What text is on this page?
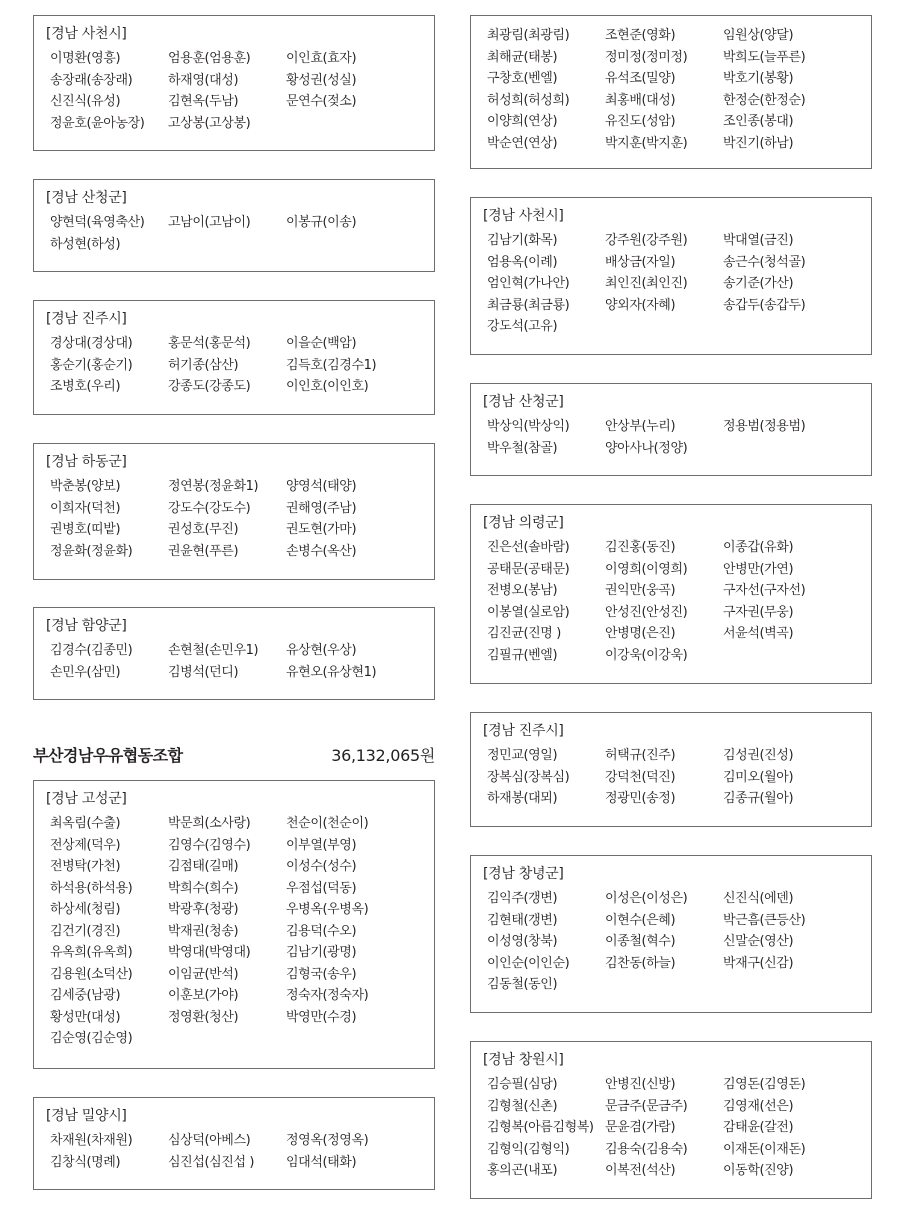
[경남 사천시]
이명환(영흥)	엄용훈(엄용훈)	이인효(효자)
송장래(송장래)	하재영(대성)	황성권(성실)
신진식(유성)	김현옥(두남)	문연수(젖소)
정윤호(윤아농장)	고상봉(고상봉)
[경남 산청군]
양현덕(육영축산)	고남이(고남이)	이봉규(이송)
하성현(하성)
[경남 진주시]
경상대(경상대)	홍문석(홍문석)	이을순(백암)
홍순기(홍순기)	허기종(삼산)	김득호(김경수1)
조병호(우리)	강종도(강종도)	이인호(이인호)
[경남 하동군]
박춘봉(양보)	정연봉(정윤화1)	양영석(태양)
이희자(덕천)	강도수(강도수)	권해영(주남)
권병호(띠밭)	권성호(무진)	권도현(가마)
정윤화(정윤화)	권윤현(푸른)	손병수(옥산)
[경남 함양군]
김경수(김종민)	손현철(손민우1)	유상현(우상)
손민우(삼민)	김병석(던디)	유현오(유상현1)
부산경남우유협동조합	36,132,065원
[경남 고성군]
최옥림(수출)	박문희(소사랑)	천순이(천순이)
전상제(덕우)	김영수(김영수)	이부열(부영)
전병탁(가천)	김점태(길매)	이성수(성수)
하석용(하석용)	박희수(희수)	우점섭(덕동)
하상세(청림)	박광후(청광)	우병옥(우병옥)
김건기(경진)	박재권(청송)	김용덕(수오)
유옥희(유옥희)	박영대(박영대)	김남기(광명)
김용원(소덕산)	이임균(반석)	김형국(송우)
김세중(남광)	이훈보(가야)	정숙자(정숙자)
황성만(대성)	정영환(청산)	박영만(수경)
김순영(김순영)
[경남 밀양시]
차재원(차재원)	심상덕(아베스)	정영옥(정영옥)
김창식(명례)	심진섭(심진섭 )	임대석(태화)
최광림(최광림)	조현준(영화)	임원상(양달)
최해균(태봉)	정미정(정미정)	박희도(늘푸른)
구창호(벤엘)	유석조(밀양)	박호기(봉황)
허성희(허성희)	최홍배(대성)	한정순(한정순)
이양희(연상)	유진도(성암)	조인종(봉대)
박순연(연상)	박지훈(박지훈)	박진기(하남)
[경남 사천시]
김남기(화목)	강주원(강주원)	박대열(금진)
엄용옥(이례)	배상금(자일)	송근수(청석골)
엄인혁(가나안)	최인진(최인진)	송기준(가산)
최금룡(최금룡)	양외자(자혜)	송갑두(송갑두)
강도석(고유)
[경남 산청군]
박상익(박상익)	안상부(누리)	정용범(정용범)
박우철(참골)	양아사나(정양)
[경남 의령군]
진은선(솔바람)	김진홍(동진)	이종갑(유화)
공태문(공태문)	이영희(이영희)	안병만(가연)
전병오(봉남)	권익만(웅곡)	구자선(구자선)
이봉열(실로암)	안성진(안성진)	구자권(무웅)
김진균(진명 )	안병명(은진)	서윤석(벽곡)
김필규(벤엘)	이강욱(이강욱)
[경남 진주시]
정민교(영일)	허택규(진주)	김성권(진성)
장복심(장복심)	강덕천(덕진)	김미오(월아)
하재봉(대뫼)	정광민(송정)	김종규(월아)
[경남 창녕군]
김익주(갱변)	이성은(이성은)	신진식(에덴)
김현태(갱변)	이현수(은혜)	박근흠(큰등산)
이성영(창북)	이종철(혁수)	신말순(영산)
이인순(이인순)	김찬동(하늘)	박재구(신감)
김동철(동인)
[경남 창원시]
김승필(심당)	안병진(신방)	김영돈(김영돈)
김형철(신촌)	문금주(문금주)	김영재(선은)
김형복(아름김형복) 문윤겸(가람)	감태윤(갈전)
김형익(김형익)	김용숙(김용숙)	이재돈(이재돈)
홍의곤(내포)	이복전(석산)	이동학(진양)
